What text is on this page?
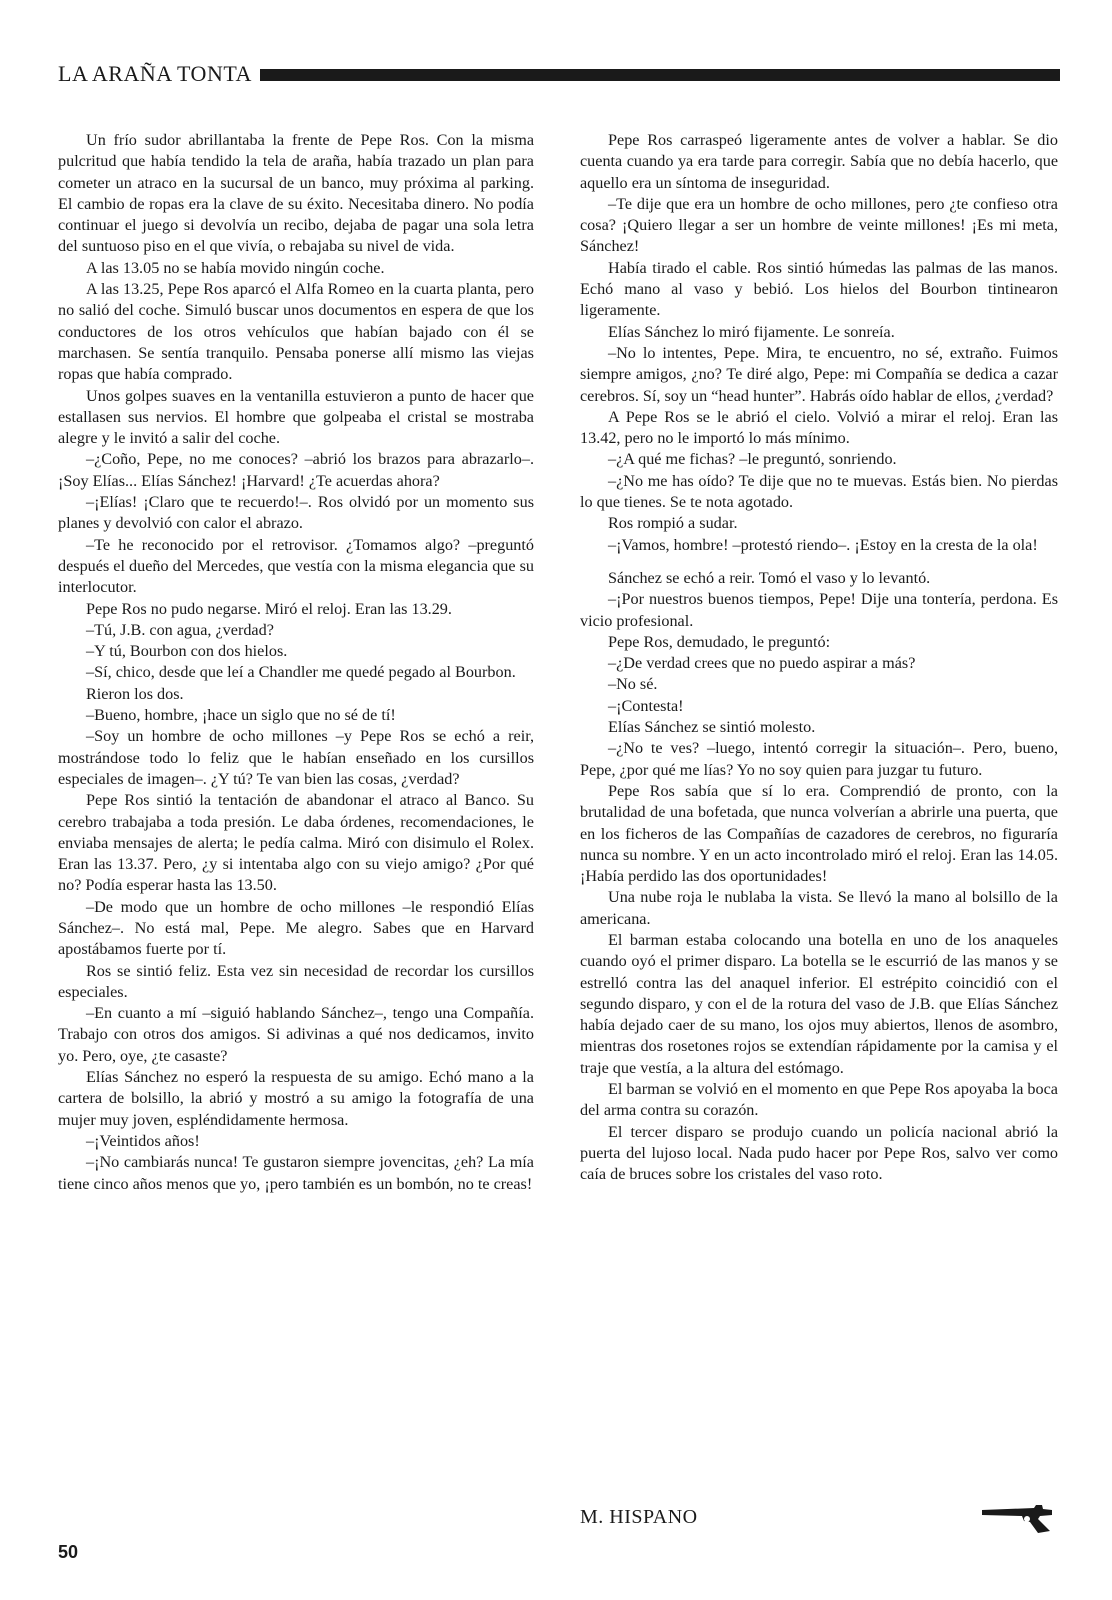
LA ARAÑA TONTA

Un frío sudor abrillantaba la frente de Pepe Ros. Con la misma pulcritud que había tendido la tela de araña, había trazado un plan para cometer un atraco en la sucursal de un banco, muy próxima al parking. El cambio de ropas era la clave de su éxito. Necesitaba dinero. No podía continuar el juego si devolvía un recibo, dejaba de pagar una sola letra del suntuoso piso en el que vivía, o rebajaba su nivel de vida.

A las 13.05 no se había movido ningún coche.

A las 13.25, Pepe Ros aparcó el Alfa Romeo en la cuarta planta, pero no salió del coche. Simuló buscar unos documentos en espera de que los conductores de los otros vehículos que habían bajado con él se marchasen. Se sentía tranquilo. Pensaba ponerse allí mismo las viejas ropas que había comprado.

Unos golpes suaves en la ventanilla estuvieron a punto de hacer que estallasen sus nervios. El hombre que golpeaba el cristal se mostraba alegre y le invitó a salir del coche.

–¿Coño, Pepe, no me conoces? –abrió los brazos para abrazarlo–. ¡Soy Elías... Elías Sánchez! ¡Harvard! ¿Te acuerdas ahora?

–¡Elías! ¡Claro que te recuerdo!–. Ros olvidó por un momento sus planes y devolvió con calor el abrazo.

–Te he reconocido por el retrovisor. ¿Tomamos algo? –preguntó después el dueño del Mercedes, que vestía con la misma elegancia que su interlocutor.

Pepe Ros no pudo negarse. Miró el reloj. Eran las 13.29.

–Tú, J.B. con agua, ¿verdad?

–Y tú, Bourbon con dos hielos.

–Sí, chico, desde que leí a Chandler me quedé pegado al Bourbon.

Rieron los dos.

–Bueno, hombre, ¡hace un siglo que no sé de tí!

–Soy un hombre de ocho millones –y Pepe Ros se echó a reir, mostrándose todo lo feliz que le habían enseñado en los cursillos especiales de imagen–. ¿Y tú? Te van bien las cosas, ¿verdad?

Pepe Ros sintió la tentación de abandonar el atraco al Banco. Su cerebro trabajaba a toda presión. Le daba órdenes, recomendaciones, le enviaba mensajes de alerta; le pedía calma. Miró con disimulo el Rolex. Eran las 13.37. Pero, ¿y si intentaba algo con su viejo amigo? ¿Por qué no? Podía esperar hasta las 13.50.

–De modo que un hombre de ocho millones –le respondió Elías Sánchez–. No está mal, Pepe. Me alegro. Sabes que en Harvard apostábamos fuerte por tí.

Ros se sintió feliz. Esta vez sin necesidad de recordar los cursillos especiales.

–En cuanto a mí –siguió hablando Sánchez–, tengo una Compañía. Trabajo con otros dos amigos. Si adivinas a qué nos dedicamos, invito yo. Pero, oye, ¿te casaste?

Elías Sánchez no esperó la respuesta de su amigo. Echó mano a la cartera de bolsillo, la abrió y mostró a su amigo la fotografía de una mujer muy joven, espléndidamente hermosa.

–¡Veintidos años!

–¡No cambiarás nunca! Te gustaron siempre jovencitas, ¿eh? La mía tiene cinco años menos que yo, ¡pero también es un bombón, no te creas!

Pepe Ros carraspeó ligeramente antes de volver a hablar. Se dio cuenta cuando ya era tarde para corregir. Sabía que no debía hacerlo, que aquello era un síntoma de inseguridad.

–Te dije que era un hombre de ocho millones, pero ¿te confieso otra cosa? ¡Quiero llegar a ser un hombre de veinte millones! ¡Es mi meta, Sánchez!

Había tirado el cable. Ros sintió húmedas las palmas de las manos. Echó mano al vaso y bebió. Los hielos del Bourbon tintinearon ligeramente.

Elías Sánchez lo miró fijamente. Le sonreía.

–No lo intentes, Pepe. Mira, te encuentro, no sé, extraño. Fuimos siempre amigos, ¿no? Te diré algo, Pepe: mi Compañía se dedica a cazar cerebros. Sí, soy un “head hunter”. Habrás oído hablar de ellos, ¿verdad?

A Pepe Ros se le abrió el cielo. Volvió a mirar el reloj. Eran las 13.42, pero no le importó lo más mínimo.

–¿A qué me fichas? –le preguntó, sonriendo.

–¿No me has oído? Te dije que no te muevas. Estás bien. No pierdas lo que tienes. Se te nota agotado.

Ros rompió a sudar.

–¡Vamos, hombre! –protestó riendo–. ¡Estoy en la cresta de la ola!

Sánchez se echó a reir. Tomó el vaso y lo levantó.

–¡Por nuestros buenos tiempos, Pepe! Dije una tontería, perdona. Es vicio profesional.

Pepe Ros, demudado, le preguntó:

–¿De verdad crees que no puedo aspirar a más?

–No sé.

–¡Contesta!

Elías Sánchez se sintió molesto.

–¿No te ves? –luego, intentó corregir la situación–. Pero, bueno, Pepe, ¿por qué me lías? Yo no soy quien para juzgar tu futuro.

Pepe Ros sabía que sí lo era. Comprendió de pronto, con la brutalidad de una bofetada, que nunca volverían a abrirle una puerta, que en los ficheros de las Compañías de cazadores de cerebros, no figuraría nunca su nombre. Y en un acto incontrolado miró el reloj. Eran las 14.05. ¡Había perdido las dos oportunidades!

Una nube roja le nublaba la vista. Se llevó la mano al bolsillo de la americana.

El barman estaba colocando una botella en uno de los anaqueles cuando oyó el primer disparo. La botella se le escurrió de las manos y se estrelló contra las del anaquel inferior. El estrépito coincidió con el segundo disparo, y con el de la rotura del vaso de J.B. que Elías Sánchez había dejado caer de su mano, los ojos muy abiertos, llenos de asombro, mientras dos rosetones rojos se extendían rápidamente por la camisa y el traje que vestía, a la altura del estómago.

El barman se volvió en el momento en que Pepe Ros apoyaba la boca del arma contra su corazón.

El tercer disparo se produjo cuando un policía nacional abrió la puerta del lujoso local. Nada pudo hacer por Pepe Ros, salvo ver como caía de bruces sobre los cristales del vaso roto.

M. HISPANO
50
